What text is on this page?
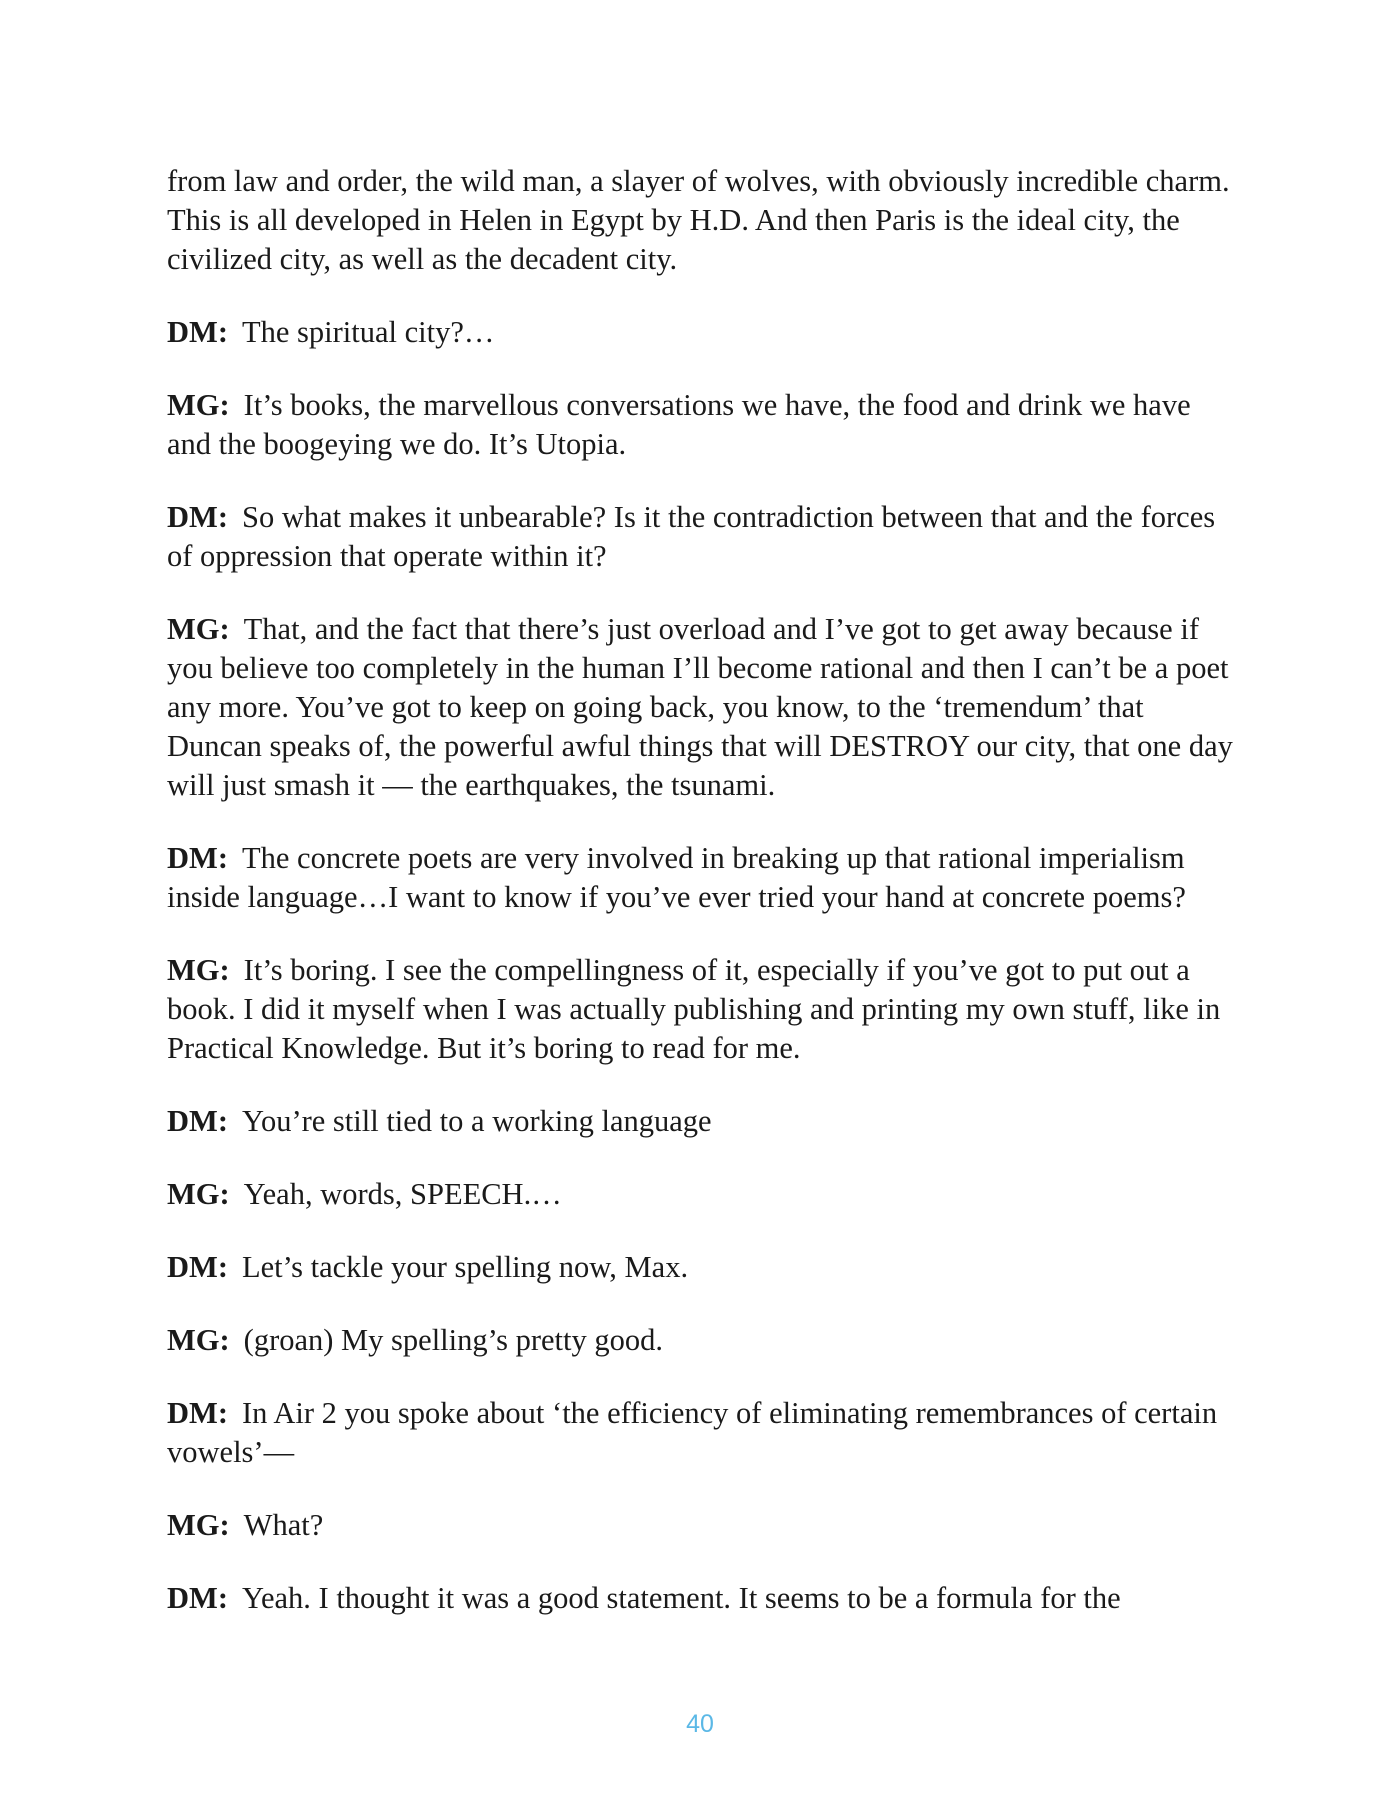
from law and order, the wild man, a slayer of wolves, with obviously incredible charm. This is all developed in Helen in Egypt by H.D. And then Paris is the ideal city, the civilized city, as well as the decadent city.

DM: The spiritual city?…

MG: It’s books, the marvellous conversations we have, the food and drink we have and the boogeying we do. It’s Utopia.

DM: So what makes it unbearable? Is it the contradiction between that and the forces of oppression that operate within it?

MG: That, and the fact that there’s just overload and I’ve got to get away because if you believe too completely in the human I’ll become rational and then I can’t be a poet any more. You’ve got to keep on going back, you know, to the ‘tremendum’ that Duncan speaks of, the powerful awful things that will DESTROY our city, that one day will just smash it — the earthquakes, the tsunami.

DM: The concrete poets are very involved in breaking up that rational imperialism inside language…I want to know if you’ve ever tried your hand at concrete poems?

MG: It’s boring. I see the compellingness of it, especially if you’ve got to put out a book. I did it myself when I was actually publishing and printing my own stuff, like in Practical Knowledge. But it’s boring to read for me.

DM: You’re still tied to a working language

MG: Yeah, words, SPEECH.…

DM: Let’s tackle your spelling now, Max.

MG: (groan) My spelling’s pretty good.

DM: In Air 2 you spoke about ‘the efficiency of eliminating remembrances of certain vowels’—

MG: What?

DM: Yeah. I thought it was a good statement. It seems to be a formula for the

40
